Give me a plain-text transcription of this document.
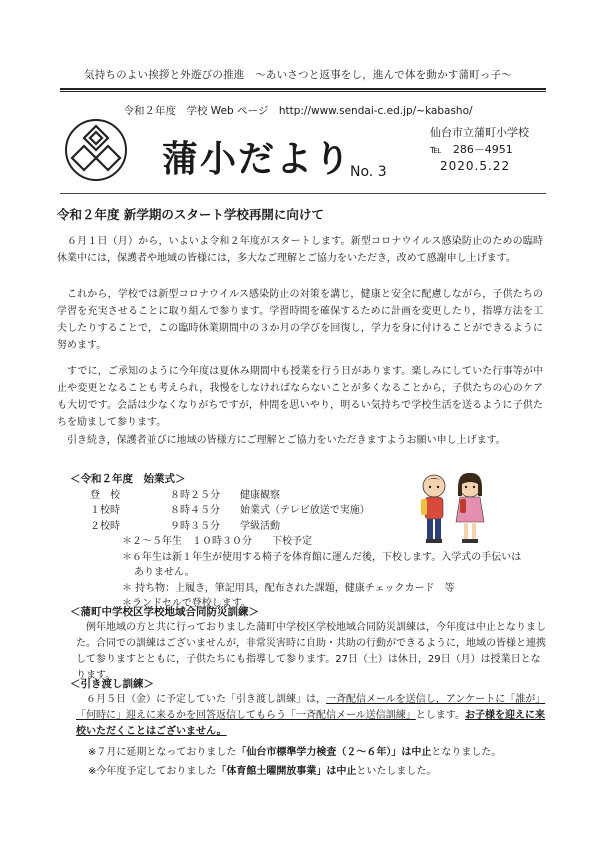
気持ちのよい挨拶と外遊びの推進　～あいさつと返事をし，進んで体を動かす蒲町っ子～
令和２年度　学校 Web ページ　http://www.sendai-c.ed.jp/~kabasho/
蒲小だより
No. 3
仙台市立蒲町小学校
℡　286－4951
2020.5.22
令和２年度 新学期のスタート学校再開に向けて
６月１日（月）から，いよいよ令和２年度がスタートします。新型コロナウイルス感染防止のための臨時休業中には，保護者や地域の皆様には，多大なご理解とご協力をいただき，改めて感謝申し上げます。
これから，学校では新型コロナウイルス感染防止の対策を講じ，健康と安全に配慮しながら，子供たちの学習を充実させることに取り組んで参ります。学習時間を確保するために計画を変更したり，指導方法を工夫したりすることで，この臨時休業期間中の３か月の学びを回復し，学力を身に付けることができるように努めます。
すでに，ご承知のように今年度は夏休み期間中も授業を行う日があります。楽しみにしていた行事等が中止や変更となることも考えられ，我慢をしなければならないことが多くなることから，子供たちの心のケアも大切です。会話は少なくなりがちですが，仲間を思いやり，明るい気持ちで学校生活を送るように子供たちを励まして参ります。
引き続き，保護者並びに地域の皆様方にご理解とご協力をいただきますようお願い申し上げます。
＜令和２年度　始業式＞
登　校	８時２５分	健康観察
１校時	８時４５分	始業式（テレビ放送で実施）
２校時	９時３５分	学級活動
＊２～５年生　１０時３０分　　下校予定
＊６年生は新１年生が使用する椅子を体育館に運んだ後，下校します。入学式の手伝いは
ありません。
＊ 持ち物：上履き，筆記用具，配布された課題，健康チェックカード　等
＊ランドセルで登校します。
＜蒲町中学校区学校地域合同防災訓練＞
例年地域の方と共に行っておりました蒲町中学校区学校地域合同防災訓練は，今年度は中止となりました。合同での訓練はございませんが，非常災害時に自助・共助の行動ができるように，地域の皆様と連携して参りますとともに，子供たちにも指導して参ります。27日（土）は休日，29日（月）は授業日となります。
＜引き渡し訓練＞
６月５日（金）に予定していた「引き渡し訓練」は，一斉配信メールを送信し，アンケートに「誰が」「何時に」迎えに来るかを回答返信してもらう「一斉配信メール送信訓練」とします。お子様を迎えに来校いただくことはございません。
※７月に延期となっておりました「仙台市標準学力検査（２～６年）」は中止となりました。
※今年度予定しておりました「体育館土曜開放事業」は中止といたしました。
